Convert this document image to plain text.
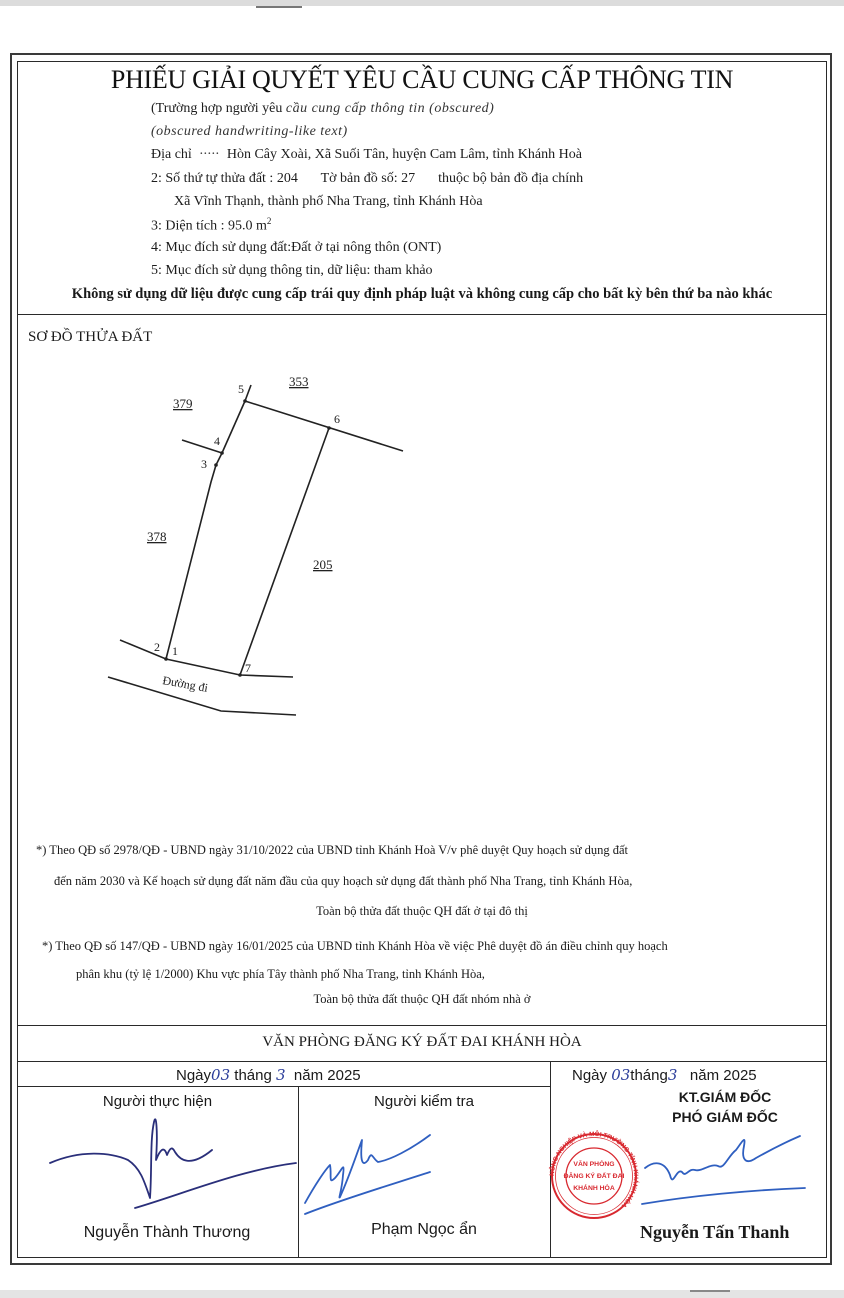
PHIẾU GIẢI QUYẾT YÊU CẦU CUNG CẤP THÔNG TIN
(Trường hợp người yêu cầu cung cấp thông tin (obscured)
(obscured handwriting-like text)
Địa chỉ  ·····  Hòn Cây Xoài, Xã Suối Tân, huyện Cam Lâm, tỉnh Khánh Hoà
2: Số thứ tự thửa đất : 204 Tờ bản đồ số: 27 thuộc bộ bản đồ địa chính
Xã Vĩnh Thạnh, thành phố Nha Trang, tỉnh Khánh Hòa
3: Diện tích : 95.0 $m^2$
4: Mục đích sử dụng đất:Đất ở tại nông thôn (ONT)
5: Mục đích sử dụng thông tin, dữ liệu: tham khảo
Không sử dụng dữ liệu được cung cấp trái quy định pháp luật và không cung cấp cho bất kỳ bên thứ ba nào khác
SƠ ĐỒ THỬA ĐẤT
379
353
378
205
1
2
3
4
5
6
7
Đường đi
*) Theo QĐ số 2978/QĐ - UBND ngày 31/10/2022 của UBND tỉnh Khánh Hoà V/v phê duyệt Quy hoạch sử dụng đất
đến năm 2030 và Kế hoạch sử dụng đất năm đầu của quy hoạch sử dụng đất thành phố Nha Trang, tỉnh Khánh Hòa,
Toàn bộ thửa đất thuộc QH đất ở tại đô thị
*) Theo QĐ số 147/QĐ - UBND ngày 16/01/2025 của UBND tỉnh Khánh Hòa về việc Phê duyệt đồ án điều chỉnh quy hoạch
phân khu (tỷ lệ 1/2000) Khu vực phía Tây thành phố Nha Trang, tỉnh Khánh Hòa,
Toàn bộ thửa đất thuộc QH đất nhóm nhà ở
VĂN PHÒNG ĐĂNG KÝ ĐẤT ĐAI KHÁNH HÒA
Ngày03 tháng 3 năm 2025	Ngày 03tháng3 năm 2025
Người thực hiện	Người kiểm tra	KT.GIÁM ĐỐC
PHÓ GIÁM ĐỐC
NÔNG NGHIỆP VÀ MÔI TRƯỜNG TỈNH KHÁNH HÒA
VĂN PHÒNG
ĐĂNG KÝ ĐẤT ĐAI
KHÁNH HÒA
Nguyễn Thành Thương	Phạm Ngọc ẩn	Nguyễn Tấn Thanh
